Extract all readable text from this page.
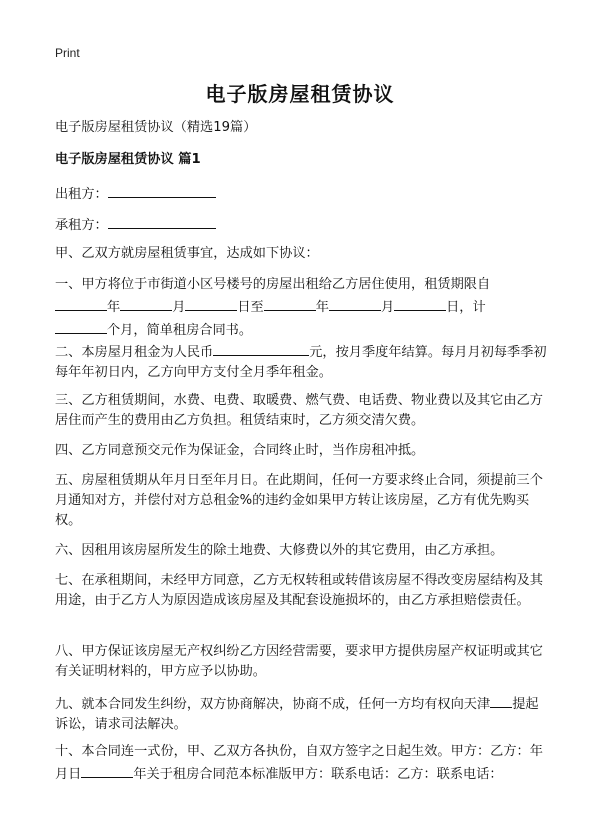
Print
电子版房屋租赁协议
电子版房屋租赁协议（精选19篇）
电子版房屋租赁协议 篇1
出租方：
承租方：
甲、乙双方就房屋租赁事宜，达成如下协议：
一、甲方将位于市街道小区号楼号的房屋出租给乙方居住使用，租赁期限自
年	月	日至	年	月	日，计
个月，简单租房合同书。
二、本房屋月租金为人民币	元，按月季度年结算。每月月初每季季初每年年初日内，乙方向甲方支付全月季年租金。
三、乙方租赁期间，水费、电费、取暖费、燃气费、电话费、物业费以及其它由乙方居住而产生的费用由乙方负担。租赁结束时，乙方须交清欠费。
四、乙方同意预交元作为保证金，合同终止时，当作房租冲抵。
五、房屋租赁期从年月日至年月日。在此期间，任何一方要求终止合同，须提前三个月通知对方，并偿付对方总租金%的违约金如果甲方转让该房屋，乙方有优先购买权。
六、因租用该房屋所发生的除土地费、大修费以外的其它费用，由乙方承担。
七、在承租期间，未经甲方同意，乙方无权转租或转借该房屋不得改变房屋结构及其用途，由于乙方人为原因造成该房屋及其配套设施损坏的，由乙方承担赔偿责任。
八、甲方保证该房屋无产权纠纷乙方因经营需要，要求甲方提供房屋产权证明或其它有关证明材料的，甲方应予以协助。
九、就本合同发生纠纷，双方协商解决，协商不成，任何一方均有权向天津 提起诉讼，请求司法解决。
十、本合同连一式份，甲、乙双方各执份，自双方签字之日起生效。甲方：乙方：年月日	年关于租房合同范本标准版甲方：联系电话：乙方：联系电话：
